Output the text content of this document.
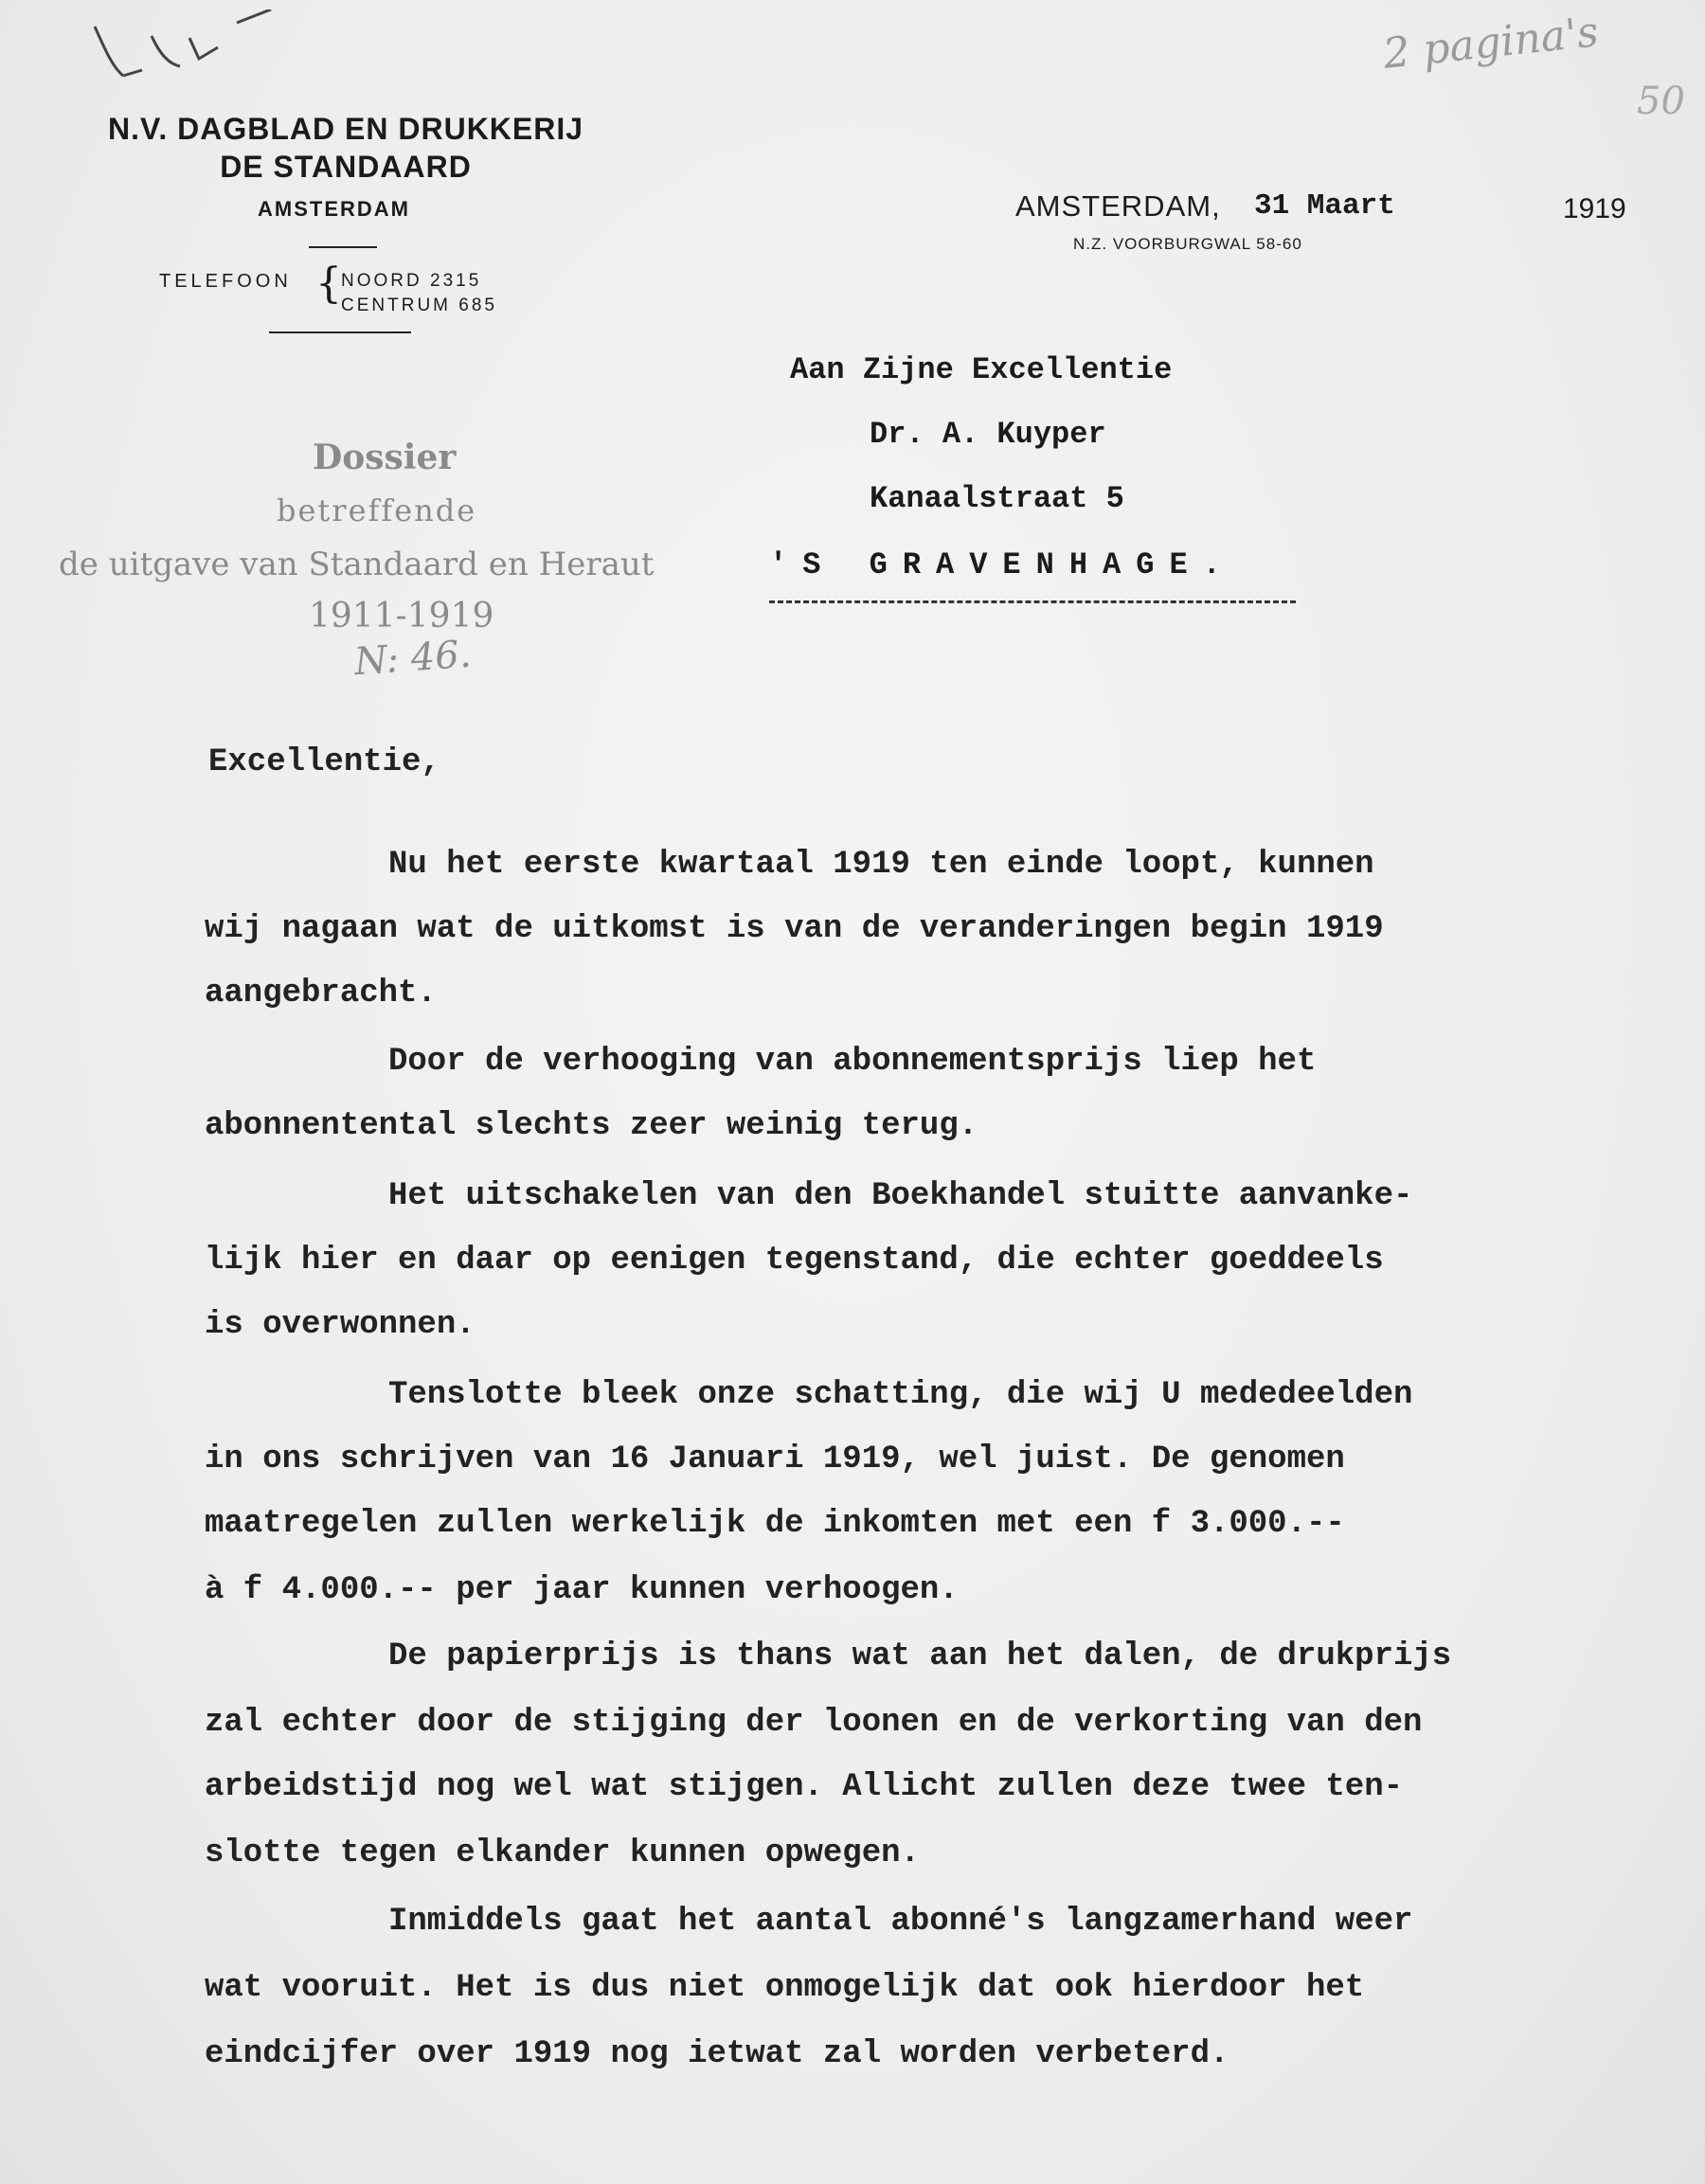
2 pagina's
50
N.V. DAGBLAD EN DRUKKERIJ
DE STANDAARD
AMSTERDAM
TELEFOON { NOORD 2315
CENTRUM 685
AMSTERDAM, 31 Maart	1919
N.Z. VOORBURGWAL 58-60
Aan Zijne Excellentie
Dr. A. Kuyper
Kanaalstraat 5
'S GRAVENHAGE.
Dossier
betreffende
de uitgave van Standaard en Heraut
1911-1919
N: 46.
Excellentie,
Nu het eerste kwartaal 1919 ten einde loopt, kunnen
wij nagaan wat de uitkomst is van de veranderingen begin 1919
aangebracht.
Door de verhooging van abonnementsprijs liep het
abonnentental slechts zeer weinig terug.
Het uitschakelen van den Boekhandel stuitte aanvanke-
lijk hier en daar op eenigen tegenstand, die echter goeddeels
is overwonnen.
Tenslotte bleek onze schatting, die wij U mededeelden
in ons schrijven van 16 Januari 1919, wel juist. De genomen
maatregelen zullen werkelijk de inkomten met een f 3.000.--
à f 4.000.-- per jaar kunnen verhoogen.
De papierprijs is thans wat aan het dalen, de drukprijs
zal echter door de stijging der loonen en de verkorting van den
arbeidstijd nog wel wat stijgen. Allicht zullen deze twee ten-
slotte tegen elkander kunnen opwegen.
Inmiddels gaat het aantal abonné's langzamerhand weer
wat vooruit. Het is dus niet onmogelijk dat ook hierdoor het
eindcijfer over 1919 nog ietwat zal worden verbeterd.
